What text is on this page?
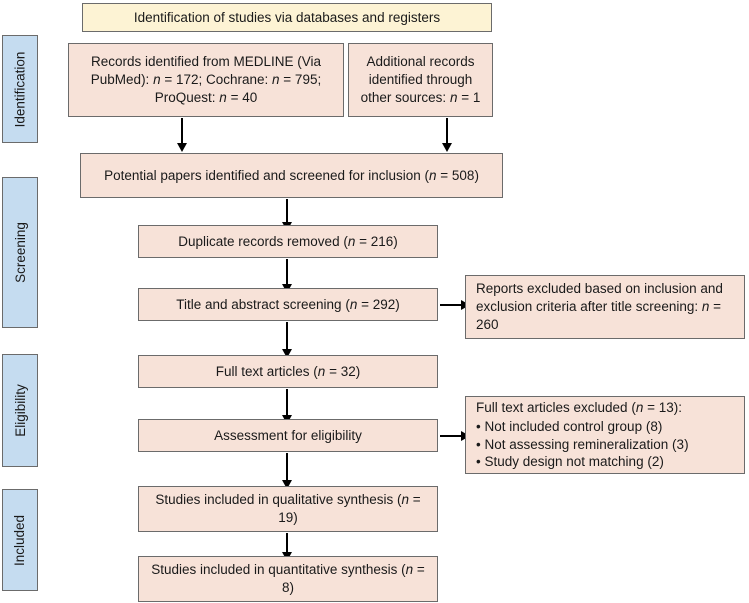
Identification of studies via databases and registers
Identification
Screening
Eligibility
Included
Records identified from MEDLINE (Via PubMed): n = 172; Cochrane: n = 795; ProQuest: n = 40
Additional records identified through other sources: n = 1
Potential papers identified and screened for inclusion (n = 508)
Duplicate records removed (n = 216)
Title and abstract screening (n = 292)
Reports excluded based on inclusion and exclusion criteria after title screening: n = 260
Full text articles (n = 32)
Assessment for eligibility
Full text articles excluded (n = 13):
• Not included control group (8)
• Not assessing remineralization (3)
• Study design not matching (2)
Studies included in qualitative synthesis (n = 19)
Studies included in quantitative synthesis (n = 8)
